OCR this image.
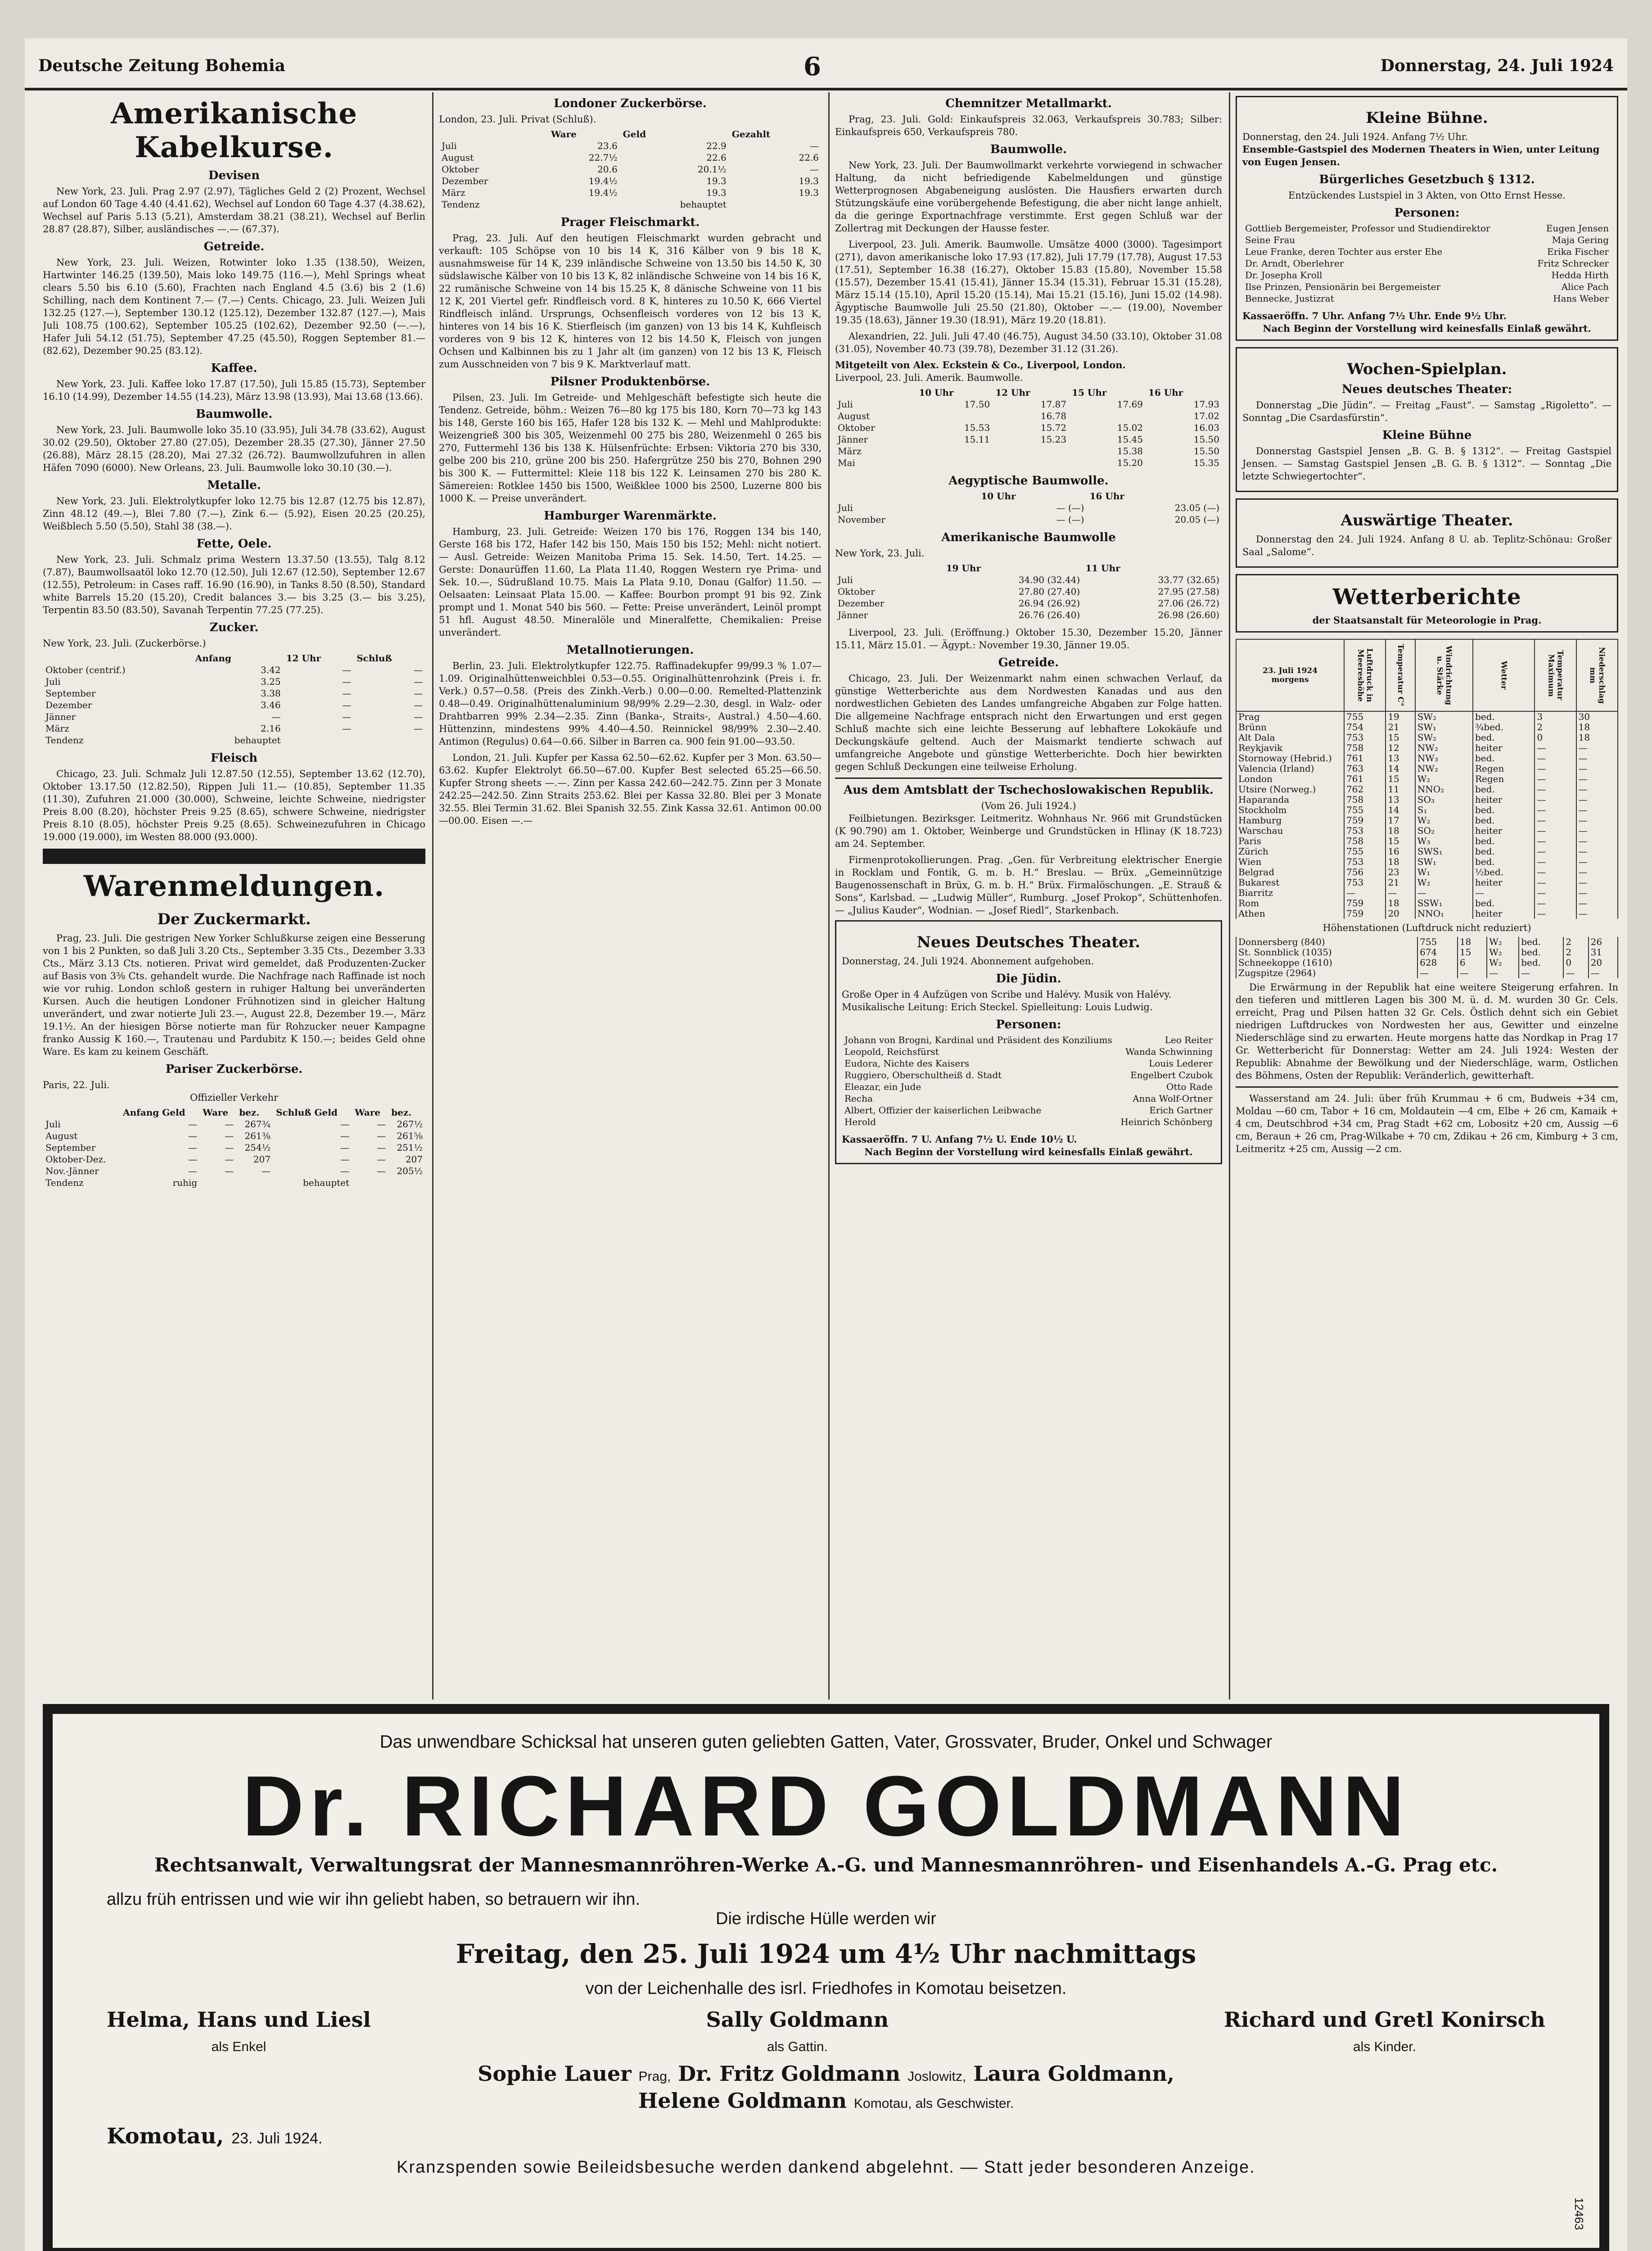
Deutsche Zeitung Bohemia	6	Donnerstag, 24. Juli 1924
Amerikanische Kabelkurse.
Devisen

New York, 23. Juli. Prag 2.97 (2.97), Tägliches Geld 2 (2) Prozent, Wechsel auf London 60 Tage 4.40 (4.41.62), Wechsel auf London 60 Tage 4.37 (4.38.62), Wechsel auf Paris 5.13 (5.21), Amsterdam 38.21 (38.21), Wechsel auf Berlin 28.87 (28.87), Silber, ausländisches —.— (67.37).

Getreide.

New York, 23. Juli. Weizen, Rotwinter loko 1.35 (138.50), Weizen, Hartwinter 146.25 (139.50), Mais loko 149.75 (116.—), Mehl Springs wheat clears 5.50 bis 6.10 (5.60), Frachten nach England 4.5 (3.6) bis 2 (1.6) Schilling, nach dem Kontinent 7.— (7.—) Cents. Chicago, 23. Juli. Weizen Juli 132.25 (127.—), September 130.12 (125.12), Dezember 132.87 (127.—), Mais Juli 108.75 (100.62), September 105.25 (102.62), Dezember 92.50 (—.—), Hafer Juli 54.12 (51.75), September 47.25 (45.50), Roggen September 81.— (82.62), Dezember 90.25 (83.12).

Kaffee.

New York, 23. Juli. Kaffee loko 17.87 (17.50), Juli 15.85 (15.73), September 16.10 (14.99), Dezember 14.55 (14.23), März 13.98 (13.93), Mai 13.68 (13.66).

Baumwolle.

New York, 23. Juli. Baumwolle loko 35.10 (33.95), Juli 34.78 (33.62), August 30.02 (29.50), Oktober 27.80 (27.05), Dezember 28.35 (27.30), Jänner 27.50 (26.88), März 28.15 (28.20), Mai 27.32 (26.72). Baumwollzufuhren in allen Häfen 7090 (6000). New Orleans, 23. Juli. Baumwolle loko 30.10 (30.—).

Metalle.

New York, 23. Juli. Elektrolytkupfer loko 12.75 bis 12.87 (12.75 bis 12.87), Zinn 48.12 (49.—), Blei 7.80 (7.—), Zink 6.— (5.92), Eisen 20.25 (20.25), Weißblech 5.50 (5.50), Stahl 38 (38.—).

Fette, Oele.

New York, 23. Juli. Schmalz prima Western 13.37.50 (13.55), Talg 8.12 (7.87), Baumwollsaatöl loko 12.70 (12.50), Juli 12.67 (12.50), September 12.67 (12.55), Petroleum: in Cases raff. 16.90 (16.90), in Tanks 8.50 (8.50), Standard white Barrels 15.20 (15.20), Credit balances 3.— bis 3.25 (3.— bis 3.25), Terpentin 83.50 (83.50), Savanah Terpentin 77.25 (77.25).

Zucker.

New York, 23. Juli. (Zuckerbörse.)

	Anfang	12 Uhr	Schluß
Oktober (centrif.)	3.42	—	—
Juli	3.25	—	—
September	3.38	—	—
Dezember	3.46	—	—
Jänner	—	—	—
März	2.16	—	—
Tendenz	behauptet		
Fleisch

Chicago, 23. Juli. Schmalz Juli 12.87.50 (12.55), September 13.62 (12.70), Oktober 13.17.50 (12.82.50), Rippen Juli 11.— (10.85), September 11.35 (11.30), Zufuhren 21.000 (30.000), Schweine, leichte Schweine, niedrigster Preis 8.00 (8.20), höchster Preis 9.25 (8.65), schwere Schweine, niedrigster Preis 8.10 (8.05), höchster Preis 9.25 (8.65). Schweinezufuhren in Chicago 19.000 (19.000), im Westen 88.000 (93.000).

Warenmeldungen.
Der Zuckermarkt.

Prag, 23. Juli. Die gestrigen New Yorker Schlußkurse zeigen eine Besserung von 1 bis 2 Punkten, so daß Juli 3.20 Cts., September 3.35 Cts., Dezember 3.33 Cts., März 3.13 Cts. notieren. Privat wird gemeldet, daß Produzenten-Zucker auf Basis von 3⅜ Cts. gehandelt wurde. Die Nachfrage nach Raffinade ist noch wie vor ruhig. London schloß gestern in ruhiger Haltung bei unveränderten Kursen. Auch die heutigen Londoner Frühnotizen sind in gleicher Haltung unverändert, und zwar notierte Juli 23.—, August 22.8, Dezember 19.—, März 19.1½. An der hiesigen Börse notierte man für Rohzucker neuer Kampagne franko Aussig K 160.—, Trautenau und Pardubitz K 150.—; beides Geld ohne Ware. Es kam zu keinem Geschäft.

Pariser Zuckerbörse.

Paris, 22. Juli.

Offizieller Verkehr

	Anfang Geld	Ware	bez.	Schluß Geld	Ware	bez.
Juli	—	—	267¾	—	—	267½
August	—	—	261⅜	—	—	261⅝
September	—	—	254½	—	—	251½
Oktober-Dez.	—	—	207	—	—	207
Nov.-Jänner	—	—	—	—	—	205½
Tendenz	ruhig			behauptet		
Londoner Zuckerbörse.

London, 23. Juli. Privat (Schluß).

	Ware	Geld	Gezahlt
Juli	23.6	22.9	—
August	22.7½	22.6	22.6
Oktober	20.6	20.1½	—
Dezember	19.4½	19.3	19.3
März	19.4½	19.3	19.3
Tendenz		behauptet	
Prager Fleischmarkt.

Prag, 23. Juli. Auf den heutigen Fleischmarkt wurden gebracht und verkauft: 105 Schöpse von 10 bis 14 K, 316 Kälber von 9 bis 18 K, ausnahmsweise für 14 K, 239 inländische Schweine von 13.50 bis 14.50 K, 30 südslawische Kälber von 10 bis 13 K, 82 inländische Schweine von 14 bis 16 K, 22 rumänische Schweine von 14 bis 15.25 K, 8 dänische Schweine von 11 bis 12 K, 201 Viertel gefr. Rindfleisch vord. 8 K, hinteres zu 10.50 K, 666 Viertel Rindfleisch inländ. Ursprungs, Ochsenfleisch vorderes von 12 bis 13 K, hinteres von 14 bis 16 K. Stierfleisch (im ganzen) von 13 bis 14 K, Kuhfleisch vorderes von 9 bis 12 K, hinteres von 12 bis 14.50 K, Fleisch von jungen Ochsen und Kalbinnen bis zu 1 Jahr alt (im ganzen) von 12 bis 13 K, Fleisch zum Ausschneiden von 7 bis 9 K. Marktverlauf matt.

Pilsner Produktenbörse.

Pilsen, 23. Juli. Im Getreide- und Mehlgeschäft befestigte sich heute die Tendenz. Getreide, böhm.: Weizen 76—80 kg 175 bis 180, Korn 70—73 kg 143 bis 148, Gerste 160 bis 165, Hafer 128 bis 132 K. — Mehl und Mahlprodukte: Weizengrieß 300 bis 305, Weizenmehl 00 275 bis 280, Weizenmehl 0 265 bis 270, Futtermehl 136 bis 138 K. Hülsenfrüchte: Erbsen: Viktoria 270 bis 330, gelbe 200 bis 210, grüne 200 bis 250. Hafergrütze 250 bis 270, Bohnen 290 bis 300 K. — Futtermittel: Kleie 118 bis 122 K. Leinsamen 270 bis 280 K. Sämereien: Rotklee 1450 bis 1500, Weißklee 1000 bis 2500, Luzerne 800 bis 1000 K. — Preise unverändert.

Hamburger Warenmärkte.

Hamburg, 23. Juli. Getreide: Weizen 170 bis 176, Roggen 134 bis 140, Gerste 168 bis 172, Hafer 142 bis 150, Mais 150 bis 152; Mehl: nicht notiert. — Ausl. Getreide: Weizen Manitoba Prima 15. Sek. 14.50, Tert. 14.25. — Gerste: Donaurüffen 11.60, La Plata 11.40, Roggen Western rye Prima- und Sek. 10.—, Südrußland 10.75. Mais La Plata 9.10, Donau (Galfor) 11.50. — Oelsaaten: Leinsaat Plata 15.00. — Kaffee: Bourbon prompt 91 bis 92. Zink prompt und 1. Monat 540 bis 560. — Fette: Preise unverändert, Leinöl prompt 51 hfl. August 48.50. Mineralöle und Mineralfette, Chemikalien: Preise unverändert.

Metallnotierungen.

Berlin, 23. Juli. Elektrolytkupfer 122.75. Raffinadekupfer 99/99.3 % 1.07—1.09. Originalhüttenweichblei 0.53—0.55. Originalhüttenrohzink (Preis i. fr. Verk.) 0.57—0.58. (Preis des Zinkh.-Verb.) 0.00—0.00. Remelted-Plattenzink 0.48—0.49. Originalhüttenaluminium 98/99% 2.29—2.30, desgl. in Walz- oder Drahtbarren 99% 2.34—2.35. Zinn (Banka-, Straits-, Austral.) 4.50—4.60. Hüttenzinn, mindestens 99% 4.40—4.50. Reinnickel 98/99% 2.30—2.40. Antimon (Regulus) 0.64—0.66. Silber in Barren ca. 900 fein 91.00—93.50.

London, 21. Juli. Kupfer per Kassa 62.50—62.62. Kupfer per 3 Mon. 63.50—63.62. Kupfer Elektrolyt 66.50—67.00. Kupfer Best selected 65.25—66.50. Kupfer Strong sheets —.—. Zinn per Kassa 242.60—242.75. Zinn per 3 Monate 242.25—242.50. Zinn Straits 253.62. Blei per Kassa 32.80. Blei per 3 Monate 32.55. Blei Termin 31.62. Blei Spanish 32.55. Zink Kassa 32.61. Antimon 00.00—00.00. Eisen —.—

Chemnitzer Metallmarkt.

Prag, 23. Juli. Gold: Einkaufspreis 32.063, Verkaufspreis 30.783; Silber: Einkaufspreis 650, Verkaufspreis 780.

Baumwolle.

New York, 23. Juli. Der Baumwollmarkt verkehrte vorwiegend in schwacher Haltung, da nicht befriedigende Kabelmeldungen und günstige Wetterprognosen Abgabeneigung auslösten. Die Hausfiers erwarten durch Stützungskäufe eine vorübergehende Befestigung, die aber nicht lange anhielt, da die geringe Exportnachfrage verstimmte. Erst gegen Schluß war der Zollertrag mit Deckungen der Hausse fester.

Liverpool, 23. Juli. Amerik. Baumwolle. Umsätze 4000 (3000). Tagesimport (271), davon amerikanische loko 17.93 (17.82), Juli 17.79 (17.78), August 17.53 (17.51), September 16.38 (16.27), Oktober 15.83 (15.80), November 15.58 (15.57), Dezember 15.41 (15.41), Jänner 15.34 (15.31), Februar 15.31 (15.28), März 15.14 (15.10), April 15.20 (15.14), Mai 15.21 (15.16), Juni 15.02 (14.98). Ägyptische Baumwolle Juli 25.50 (21.80), Oktober —.— (19.00), November 19.35 (18.63), Jänner 19.30 (18.91), März 19.20 (18.81).

Alexandrien, 22. Juli. Juli 47.40 (46.75), August 34.50 (33.10), Oktober 31.08 (31.05), November 40.73 (39.78), Dezember 31.12 (31.26).

Mitgeteilt von Alex. Eckstein & Co., Liverpool, London.

Liverpool, 23. Juli. Amerik. Baumwolle.

	10 Uhr	12 Uhr	15 Uhr	16 Uhr
Juli	17.50	17.87	17.69	17.93
August		16.78		17.02
Oktober	15.53	15.72	15.02	16.03
Jänner	15.11	15.23	15.45	15.50
März			15.38	15.50
Mai			15.20	15.35
Aegyptische Baumwolle.
	10 Uhr	16 Uhr
Juli	— (—)	23.05 (—)
November	— (—)	20.05 (—)
Amerikanische Baumwolle

New York, 23. Juli.

	19 Uhr	11 Uhr
Juli	34.90 (32.44)	33.77 (32.65)
Oktober	27.80 (27.40)	27.95 (27.58)
Dezember	26.94 (26.92)	27.06 (26.72)
Jänner	26.76 (26.40)	26.98 (26.60)

Liverpool, 23. Juli. (Eröffnung.) Oktober 15.30, Dezember 15.20, Jänner 15.11, März 15.01. — Ägypt.: November 19.30, Jänner 19.05.

Getreide.

Chicago, 23. Juli. Der Weizenmarkt nahm einen schwachen Verlauf, da günstige Wetterberichte aus dem Nordwesten Kanadas und aus den nordwestlichen Gebieten des Landes umfangreiche Abgaben zur Folge hatten. Die allgemeine Nachfrage entsprach nicht den Erwartungen und erst gegen Schluß machte sich eine leichte Besserung auf lebhaftere Lokokäufe und Deckungskäufe geltend. Auch der Maismarkt tendierte schwach auf umfangreiche Angebote und günstige Wetterberichte. Doch hier bewirkten gegen Schluß Deckungen eine teilweise Erholung.

Aus dem Amtsblatt der Tschechoslowakischen Republik.

(Vom 26. Juli 1924.)

Feilbietungen. Bezirksger. Leitmeritz. Wohnhaus Nr. 966 mit Grundstücken (K 90.790) am 1. Oktober, Weinberge und Grundstücken in Hlinay (K 18.723) am 24. September.

Firmenprotokollierungen. Prag. „Gen. für Verbreitung elektrischer Energie in Rocklam und Fontik, G. m. b. H.“ Breslau. — Brüx. „Gemeinnützige Baugenossenschaft in Brüx, G. m. b. H.“ Brüx. Firmalöschungen. „E. Strauß & Sons“, Karlsbad. — „Ludwig Müller“, Rumburg. „Josef Prokop“, Schüttenhofen. — „Julius Kauder“, Wodnian. — „Josef Riedl“, Starkenbach.

Neues Deutsches Theater.

Donnerstag, 24. Juli 1924. Abonnement aufgehoben.

Die Jüdin.

Große Oper in 4 Aufzügen von Scribe und Halévy. Musik von Halévy. Musikalische Leitung: Erich Steckel. Spielleitung: Louis Ludwig.

Personen:
Johann von Brogni, Kardinal und Präsident des Konziliums	Leo Reiter
Leopold, Reichsfürst	Wanda Schwinning
Eudora, Nichte des Kaisers	Louis Lederer
Ruggiero, Oberschultheiß d. Stadt	Engelbert Czubok
Eleazar, ein Jude	Otto Rade
Recha	Anna Wolf-Ortner
Albert, Offizier der kaiserlichen Leibwache	Erich Gartner
Herold	Heinrich Schönberg

Kassaeröffn. 7 U. Anfang 7½ U. Ende 10½ U.

Nach Beginn der Vorstellung wird keinesfalls Einlaß gewährt.

Kleine Bühne.

Donnerstag, den 24. Juli 1924. Anfang 7½ Uhr.

Ensemble-Gastspiel des Modernen Theaters in Wien, unter Leitung von Eugen Jensen.

Bürgerliches Gesetzbuch § 1312.

Entzückendes Lustspiel in 3 Akten, von Otto Ernst Hesse.

Personen:
Gottlieb Bergemeister, Professor und Studiendirektor	Eugen Jensen
Seine Frau	Maja Gering
Leue Franke, deren Tochter aus erster Ehe	Erika Fischer
Dr. Arndt, Oberlehrer	Fritz Schrecker
Dr. Josepha Kroll	Hedda Hirth
Ilse Prinzen, Pensionärin bei Bergemeister	Alice Pach
Bennecke, Justizrat	Hans Weber

Kassaeröffn. 7 Uhr. Anfang 7½ Uhr. Ende 9½ Uhr.

Nach Beginn der Vorstellung wird keinesfalls Einlaß gewährt.

Wochen-Spielplan.
Neues deutsches Theater:

Donnerstag „Die Jüdin“. — Freitag „Faust“. — Samstag „Rigoletto“. — Sonntag „Die Csardasfürstin“.

Kleine Bühne

Donnerstag Gastspiel Jensen „B. G. B. § 1312“. — Freitag Gastspiel Jensen. — Samstag Gastspiel Jensen „B. G. B. § 1312“. — Sonntag „Die letzte Schwiegertochter“.

Auswärtige Theater.

Donnerstag den 24. Juli 1924. Anfang 8 U. ab. Teplitz-Schönau: Großer Saal „Salome“.

Wetterberichte

der Staatsanstalt für Meteorologie in Prag.

23. Juli 1924
morgens	Luftdruck in Meereshöhe	Temperatur C°	Windrichtung u. Stärke	Wetter	Temperatur Maximum	Niederschlag mm
Prag	755	19	SW₂	bed.	3	30
Brünn	754	21	SW₁	¾bed.	2	18
Alt Dala	753	15	SW₂	bed.	0	18
Reykjavik	758	12	NW₂	heiter	—	—
Stornoway (Hebrid.)	761	13	NW₃	bed.	—	—
Valencia (Irland)	763	14	NW₂	Regen	—	—
London	761	15	W₂	Regen	—	—
Utsire (Norweg.)	762	11	NNO₂	bed.	—	—
Haparanda	758	13	SO₃	heiter	—	—
Stockholm	755	14	S₁	bed.	—	—
Hamburg	759	17	W₂	bed.	—	—
Warschau	753	18	SO₂	heiter	—	—
Paris	758	15	W₃	bed.	—	—
Zürich	755	16	SWS₁	bed.	—	—
Wien	753	18	SW₁	bed.	—	—
Belgrad	756	23	W₁	½bed.	—	—
Bukarest	753	21	W₂	heiter	—	—
Biarritz	—	—	—	—	—	—
Rom	759	18	SSW₁	bed.	—	—
Athen	759	20	NNO₁	heiter	—	—

Höhenstationen (Luftdruck nicht reduziert)

Donnersberg (840)	755	18	W₂	bed.	2	26
St. Sonnblick (1035)	674	15	W₂	bed.	2	31
Schneekoppe (1610)	628	6	W₂	bed.	0	20
Zugspitze (2964)	—	—	—	—	—	—

Die Erwärmung in der Republik hat eine weitere Steigerung erfahren. In den tieferen und mittleren Lagen bis 300 M. ü. d. M. wurden 30 Gr. Cels. erreicht, Prag und Pilsen hatten 32 Gr. Cels. Östlich dehnt sich ein Gebiet niedrigen Luftdruckes von Nordwesten her aus, Gewitter und einzelne Niederschläge sind zu erwarten. Heute morgens hatte das Nordkap in Prag 17 Gr. Wetterbericht für Donnerstag: Wetter am 24. Juli 1924: Westen der Republik: Abnahme der Bewölkung und der Niederschläge, warm, Ostlichen des Böhmens, Osten der Republik: Veränderlich, gewitterhaft.

Wasserstand am 24. Juli: über früh Krummau + 6 cm, Budweis +34 cm, Moldau —60 cm, Tabor + 16 cm, Moldautein —4 cm, Elbe + 26 cm, Kamaik + 4 cm, Deutschbrod +34 cm, Prag Stadt +62 cm, Lobositz +20 cm, Aussig —6 cm, Beraun + 26 cm, Prag-Wilkabe + 70 cm, Zdikau + 26 cm, Kimburg + 3 cm, Leitmeritz +25 cm, Aussig —2 cm.

Das unwendbare Schicksal hat unseren guten geliebten Gatten, Vater, Grossvater, Bruder, Onkel und Schwager

Dr. RICHARD GOLDMANN

Rechtsanwalt, Verwaltungsrat der Mannesmannröhren-Werke A.-G. und Mannesmannröhren- und Eisenhandels A.-G. Prag etc.

allzu früh entrissen und wie wir ihn geliebt haben, so betrauern wir ihn.

Die irdische Hülle werden wir

Freitag, den 25. Juli 1924 um 4½ Uhr nachmittags

von der Leichenhalle des isrl. Friedhofes in Komotau beisetzen.

Helma, Hans und Liesl
als Enkel
Sally Goldmann
als Gattin.
Richard und Gretl Konirsch
als Kinder.

Sophie Lauer Prag, Dr. Fritz Goldmann Joslowitz, Laura Goldmann,

Helene Goldmann Komotau, als Geschwister.

Komotau, 23. Juli 1924.

Kranzspenden sowie Beileidsbesuche werden dankend abgelehnt. — Statt jeder besonderen Anzeige.

12463
